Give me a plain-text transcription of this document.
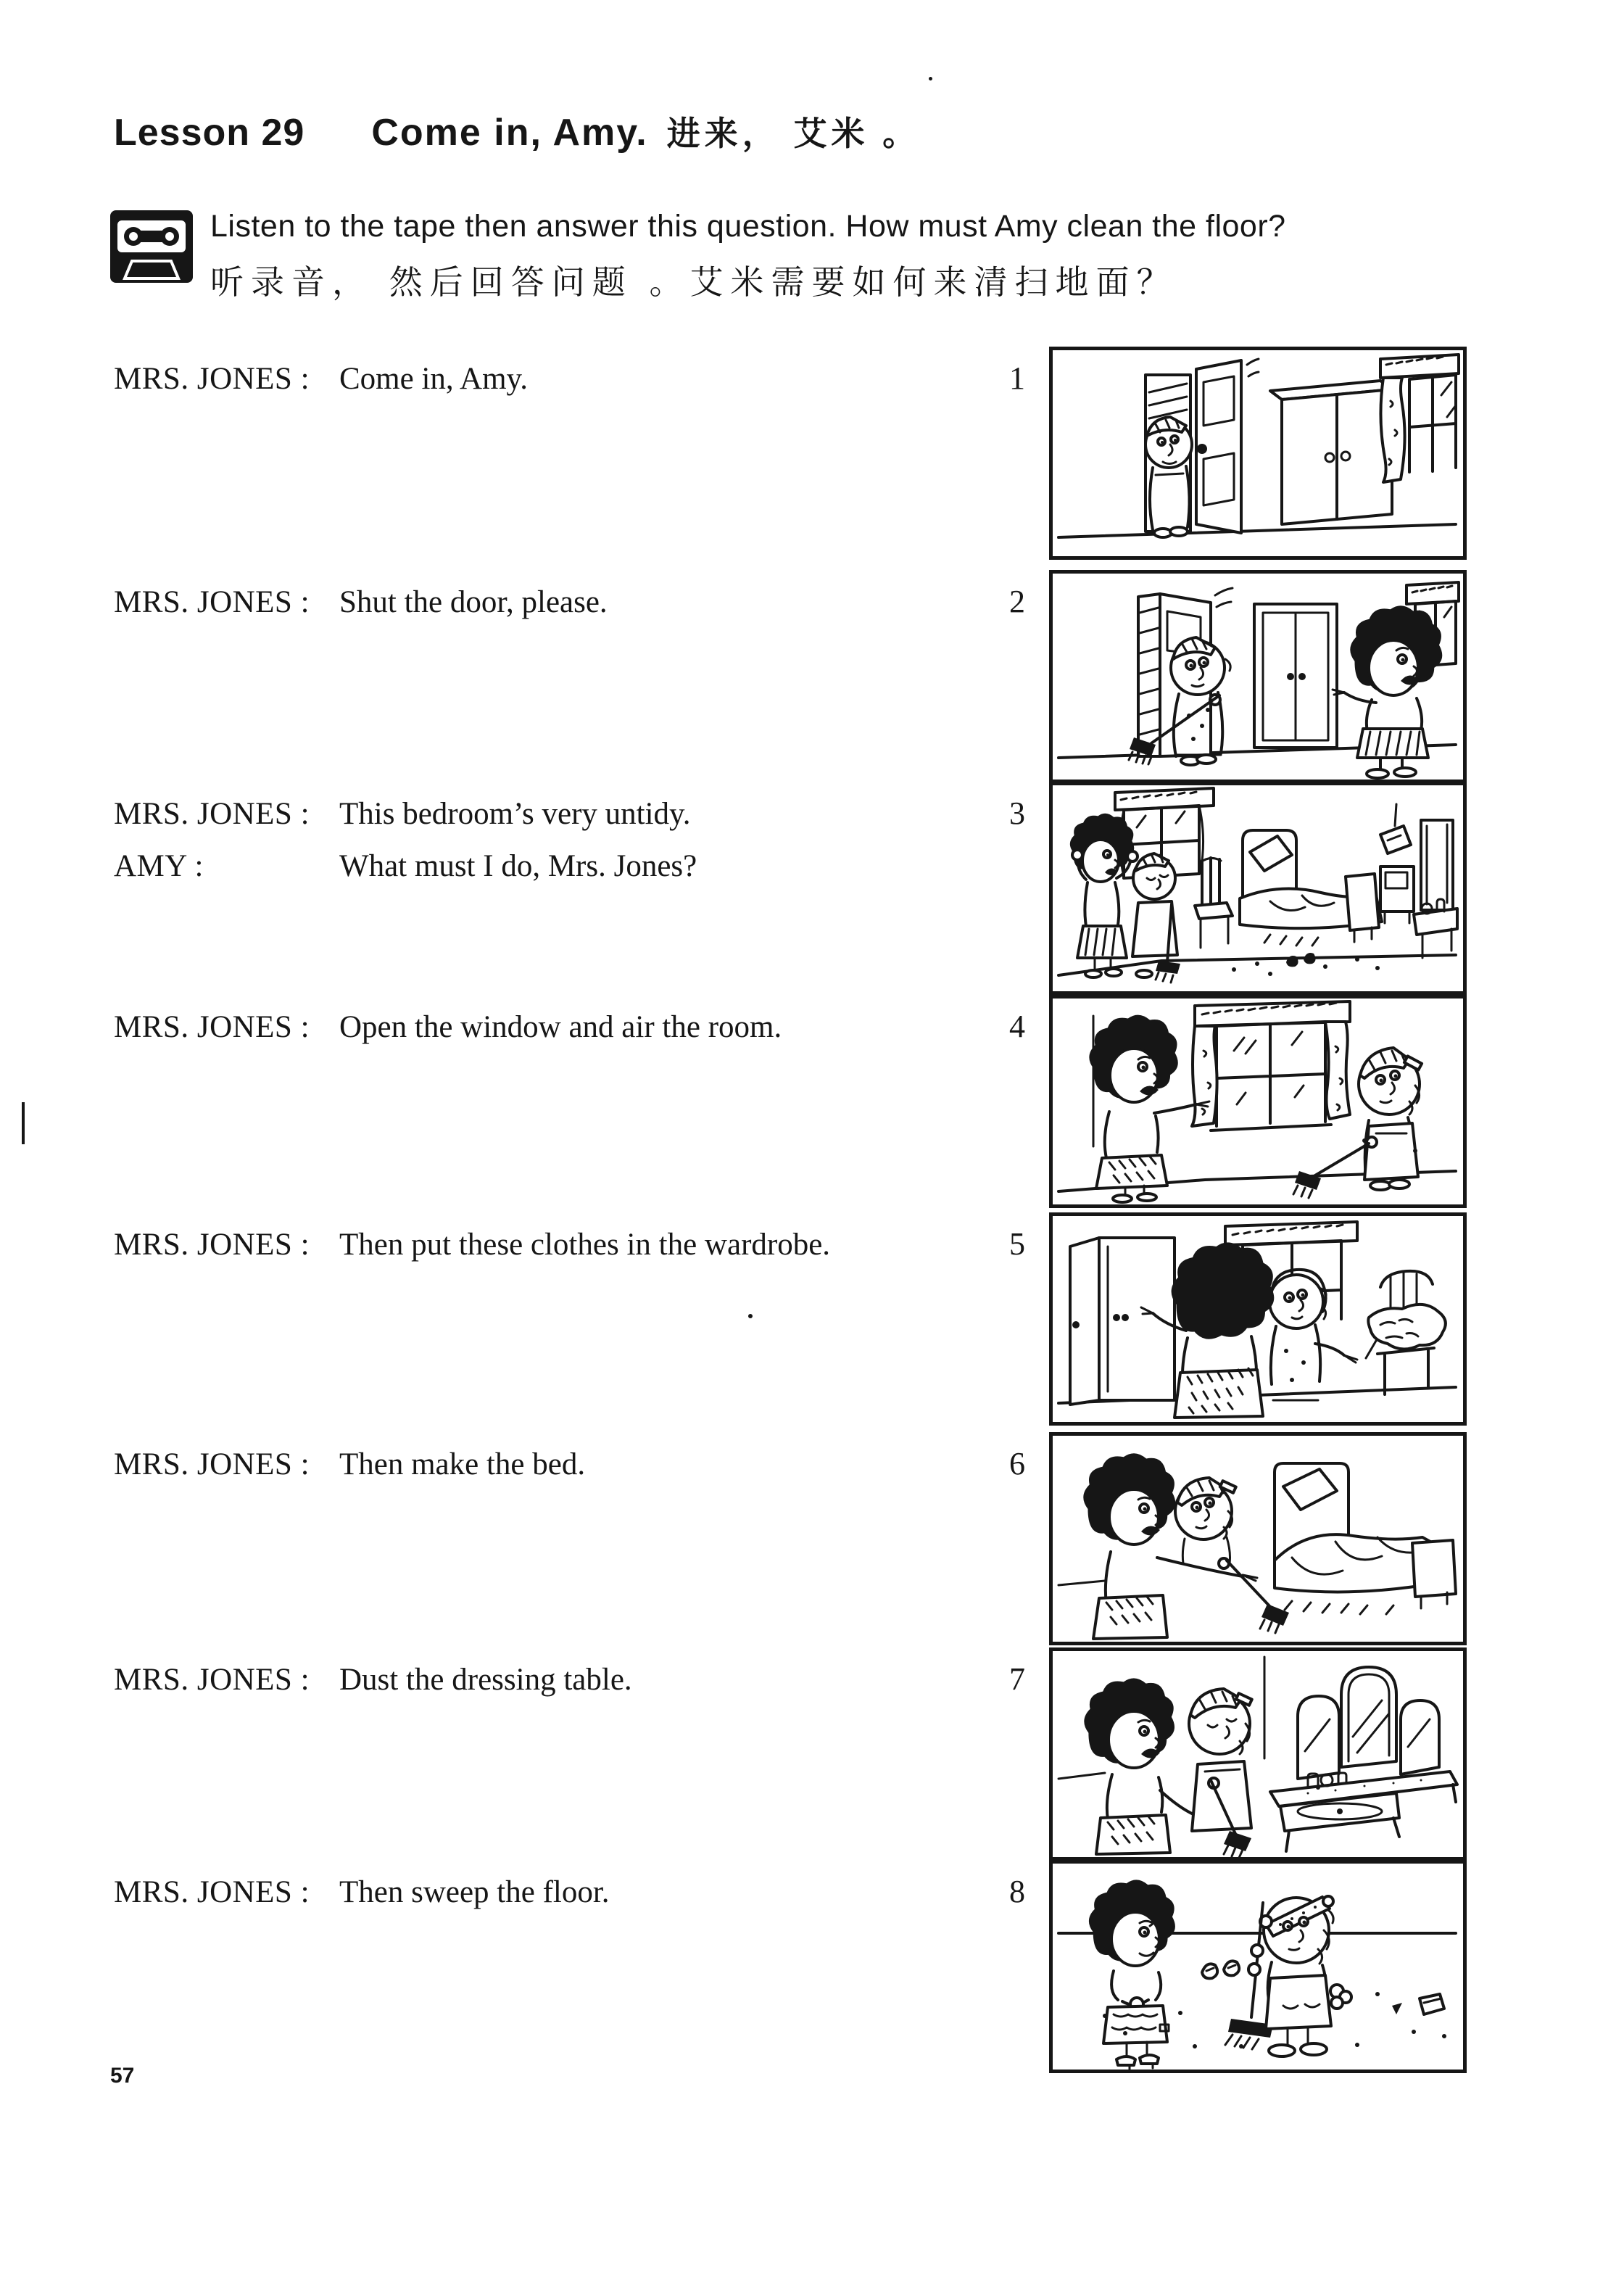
Lesson 29 Come in, Amy. 进来， 艾米 。
Listen to the tape then answer this question. How must Amy clean the floor?
听录音， 然后回答问题 。艾米需要如何来清扫地面？
MRS. JONES : Come in, Amy.	1
MRS. JONES : Shut the door, please.	2
MRS. JONES : This bedroom’s very untidy.
AMY :	What must I do, Mrs. Jones?
3
MRS. JONES : Open the window and air the room.	4
MRS. JONES : Then put these clothes in the wardrobe.	5
MRS. JONES : Then make the bed.	6
MRS. JONES : Dust the dressing table.	7
MRS. JONES : Then sweep the floor.	8
57
